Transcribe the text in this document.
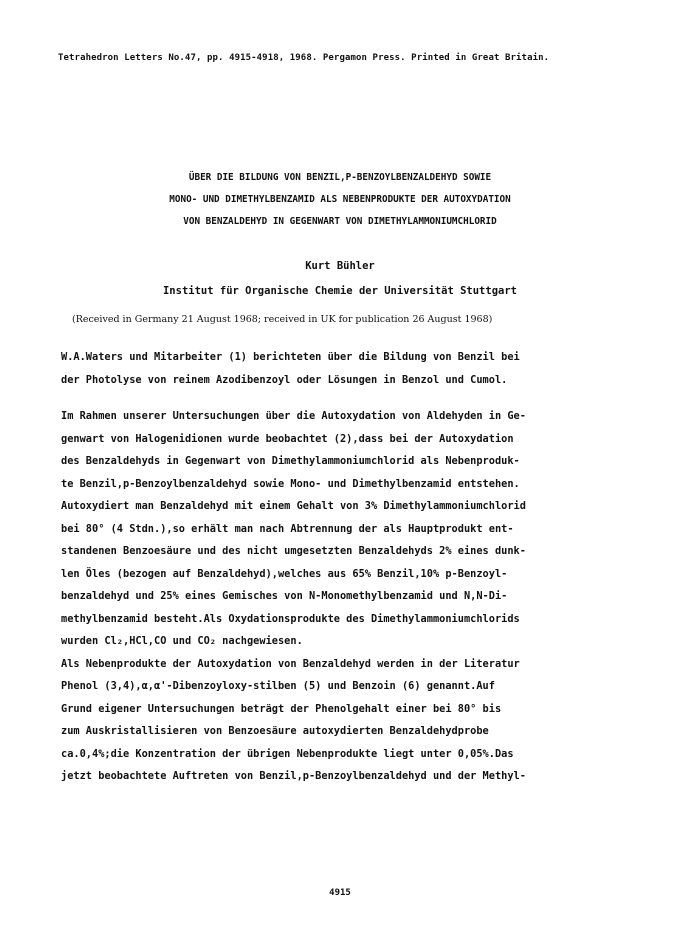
Tetrahedron Letters No.47, pp. 4915-4918, 1968. Pergamon Press. Printed in Great Britain.
ÜBER DIE BILDUNG VON BENZIL,P-BENZOYLBENZALDEHYD SOWIE
MONO- UND DIMETHYLBENZAMID ALS NEBENPRODUKTE DER AUTOXYDATION
VON BENZALDEHYD IN GEGENWART VON DIMETHYLAMMONIUMCHLORID
Kurt Bühler
Institut für Organische Chemie der Universität Stuttgart
(Received in Germany 21 August 1968; received in UK for publication 26 August 1968)
W.A.Waters und Mitarbeiter (1) berichteten über die Bildung von Benzil bei
der Photolyse von reinem Azodibenzoyl oder Lösungen in Benzol und Cumol.
Im Rahmen unserer Untersuchungen über die Autoxydation von Aldehyden in Ge-
genwart von Halogenidionen wurde beobachtet (2),dass bei der Autoxydation
des Benzaldehyds in Gegenwart von Dimethylammoniumchlorid als Nebenproduk-
te Benzil,p-Benzoylbenzaldehyd sowie Mono- und Dimethylbenzamid entstehen.
Autoxydiert man Benzaldehyd mit einem Gehalt von 3% Dimethylammoniumchlorid
bei 80° (4 Stdn.),so erhält man nach Abtrennung der als Hauptprodukt ent-
standenen Benzoesäure und des nicht umgesetzten Benzaldehyds 2% eines dunk-
len Öles (bezogen auf Benzaldehyd),welches aus 65% Benzil,10% p-Benzoyl-
benzaldehyd und 25% eines Gemisches von N-Monomethylbenzamid und N,N-Di-
methylbenzamid besteht.Als Oxydationsprodukte des Dimethylammoniumchlorids
wurden Cl₂,HCl,CO und CO₂ nachgewiesen.
Als Nebenprodukte der Autoxydation von Benzaldehyd werden in der Literatur
Phenol (3,4),α,α'-Dibenzoyloxy-stilben (5) und Benzoin (6) genannt.Auf
Grund eigener Untersuchungen beträgt der Phenolgehalt einer bei 80° bis
zum Auskristallisieren von Benzoesäure autoxydierten Benzaldehydprobe
ca.0,4%;die Konzentration der übrigen Nebenprodukte liegt unter 0,05%.Das
jetzt beobachtete Auftreten von Benzil,p-Benzoylbenzaldehyd und der Methyl-
4915
